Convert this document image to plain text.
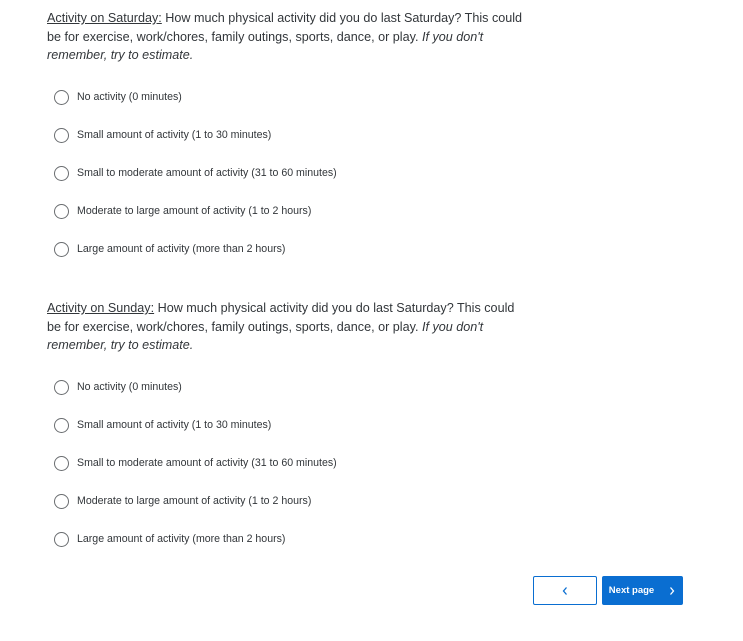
Activity on Saturday: How much physical activity did you do last Saturday? This could be for exercise, work/chores, family outings, sports, dance, or play. If you don't remember, try to estimate.

No activity (0 minutes)
Small amount of activity (1 to 30 minutes)
Small to moderate amount of activity (31 to 60 minutes)
Moderate to large amount of activity (1 to 2 hours)
Large amount of activity (more than 2 hours)

Activity on Sunday: How much physical activity did you do last Saturday? This could be for exercise, work/chores, family outings, sports, dance, or play. If you don't remember, try to estimate.

No activity (0 minutes)
Small amount of activity (1 to 30 minutes)
Small to moderate amount of activity (31 to 60 minutes)
Moderate to large amount of activity (1 to 2 hours)
Large amount of activity (more than 2 hours)
Next page
